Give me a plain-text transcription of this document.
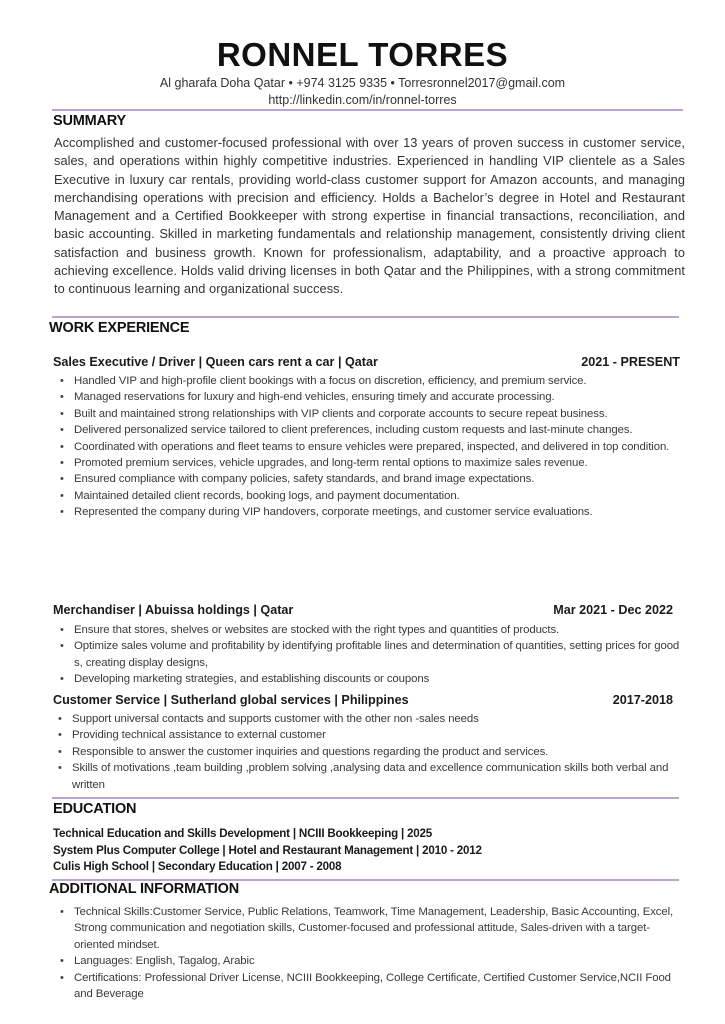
RONNEL TORRES
Al gharafa Doha Qatar • +974 3125 9335 • Torresronnel2017@gmail.com
http://linkedin.com/in/ronnel-torres
SUMMARY

Accomplished and customer-focused professional with over 13 years of proven success in customer service, sales, and operations within highly competitive industries. Experienced in handling VIP clientele as a Sales Executive in luxury car rentals, providing world-class customer support for Amazon accounts, and managing merchandising operations with precision and efficiency. Holds a Bachelor’s degree in Hotel and Restaurant Management and a Certified Bookkeeper with strong expertise in financial transactions, reconciliation, and basic accounting. Skilled in marketing fundamentals and relationship management, consistently driving client satisfaction and business growth. Known for professionalism, adaptability, and a proactive approach to achieving excellence. Holds valid driving licenses in both Qatar and the Philippines, with a strong commitment to continuous learning and organizational success.

WORK EXPERIENCE
Sales Executive / Driver | Queen cars rent a car | Qatar	2021 - PRESENT
• Handled VIP and high-profile client bookings with a focus on discretion, efficiency, and premium service.
• Managed reservations for luxury and high-end vehicles, ensuring timely and accurate processing.
• Built and maintained strong relationships with VIP clients and corporate accounts to secure repeat business.
• Delivered personalized service tailored to client preferences, including custom requests and last-minute changes.
• Coordinated with operations and fleet teams to ensure vehicles were prepared, inspected, and delivered in top condition.
• Promoted premium services, vehicle upgrades, and long-term rental options to maximize sales revenue.
• Ensured compliance with company policies, safety standards, and brand image expectations.
• Maintained detailed client records, booking logs, and payment documentation.
• Represented the company during VIP handovers, corporate meetings, and customer service evaluations.
Merchandiser | Abuissa holdings | Qatar	Mar 2021 - Dec 2022
• Ensure that stores, shelves or websites are stocked with the right types and quantities of products.
• Optimize sales volume and profitability by identifying profitable lines and determination of quantities, setting prices for good s, creating display designs,
• Developing marketing strategies, and establishing discounts or coupons
Customer Service | Sutherland global services | Philippines	2017-2018
• Support universal contacts and supports customer with the other non -sales needs
• Providing technical assistance to external customer
• Responsible to answer the customer inquiries and questions regarding the product and services.
• Skills of motivations ,team building ,problem solving ,analysing data and excellence communication skills both verbal and written
EDUCATION
Technical Education and Skills Development | NCIII Bookkeeping | 2025
System Plus Computer College | Hotel and Restaurant Management | 2010 - 2012
Culis High School | Secondary Education | 2007 - 2008
ADDITIONAL INFORMATION
• Technical Skills:Customer Service, Public Relations, Teamwork, Time Management, Leadership, Basic Accounting, Excel, Strong communication and negotiation skills, Customer-focused and professional attitude, Sales-driven with a target-oriented mindset.
• Languages: English, Tagalog, Arabic
• Certifications: Professional Driver License, NCIII Bookkeeping, College Certificate, Certified Customer Service,NCII Food and Beverage
